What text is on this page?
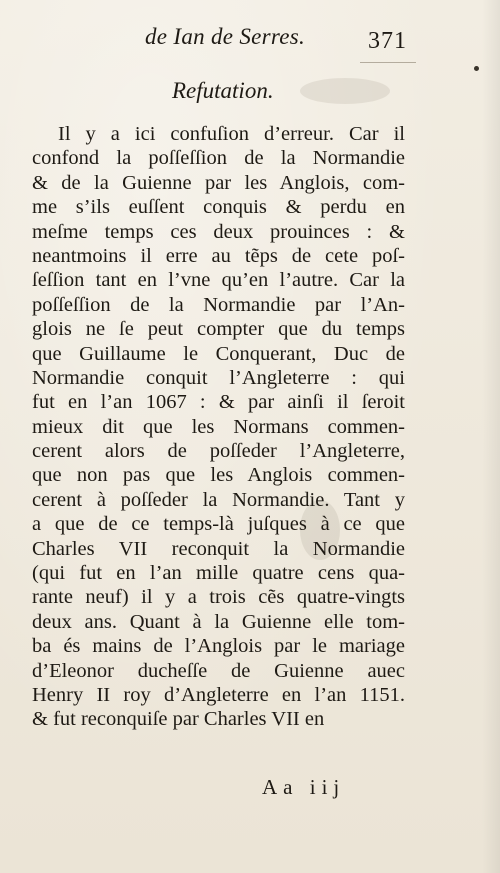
de Ian de Serres.	371
Refutation.
Il y a ici confuſion d’erreur. Car il
confond la poſſeſſion de la Normandie
& de la Guienne par les Anglois, com-
me s’ils euſſent conquis & perdu en
meſme temps ces deux prouinces : &
neantmoins il erre au tẽps de cete poſ-
ſeſſion tant en l’vne qu’en l’autre. Car la
poſſeſſion de la Normandie par l’An-
glois ne ſe peut compter que du temps
que Guillaume le Conquerant, Duc de
Normandie conquit l’Angleterre : qui
fut en l’an 1067 : & par ainſi il ſeroit
mieux dit que les Normans commen-
cerent alors de poſſeder l’Angleterre,
que non pas que les Anglois commen-
cerent à poſſeder la Normandie. Tant y
a que de ce temps-là juſques à ce que
Charles VII reconquit la Normandie
(qui fut en l’an mille quatre cens qua-
rante neuf) il y a trois cẽs quatre-vingts
deux ans. Quant à la Guienne elle tom-
ba és mains de l’Anglois par le mariage
d’Eleonor ducheſſe de Guienne auec
Henry II roy d’Angleterre en l’an 1151.
& fut reconquiſe par Charles VII en
Aa iij
